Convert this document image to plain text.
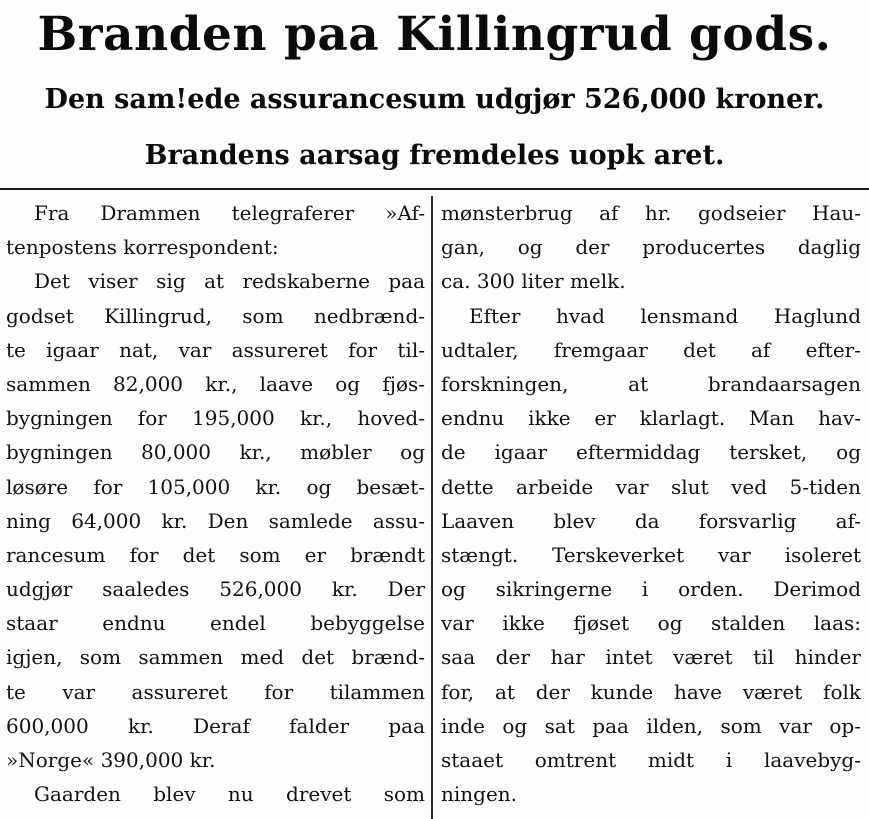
Branden paa Killingrud gods.
Den sam!ede assurancesum udgjør 526,000 kroner.
Brandens aarsag fremdeles uopk aret.
Fra Drammen telegraferer »Af-
tenpostens korrespondent:
Det viser sig at redskaberne paa
godset Killingrud, som nedbrænd-
te igaar nat, var assureret for til-
sammen 82,000 kr., laave og fjøs-
bygningen for 195,000 kr., hoved-
bygningen 80,000 kr., møbler og
løsøre for 105,000 kr. og besæt-
ning 64,000 kr. Den samlede assu-
rancesum for det som er brændt
udgjør saaledes 526,000 kr. Der
staar endnu endel bebyggelse
igjen, som sammen med det brænd-
te var assureret for tilammen
600,000 kr. Deraf falder paa
»Norge« 390,000 kr.
Gaarden blev nu drevet som
mønsterbrug af hr. godseier Hau-
gan, og der producertes daglig
ca. 300 liter melk.
Efter hvad lensmand Haglund
udtaler, fremgaar det af efter-
forskningen, at brandaarsagen
endnu ikke er klarlagt. Man hav-
de igaar eftermiddag tersket, og
dette arbeide var slut ved 5-tiden
Laaven blev da forsvarlig af-
stængt. Terskeverket var isoleret
og sikringerne i orden. Derimod
var ikke fjøset og stalden laas:
saa der har intet været til hinder
for, at der kunde have været folk
inde og sat paa ilden, som var op-
staaet omtrent midt i laavebyg-
ningen.
